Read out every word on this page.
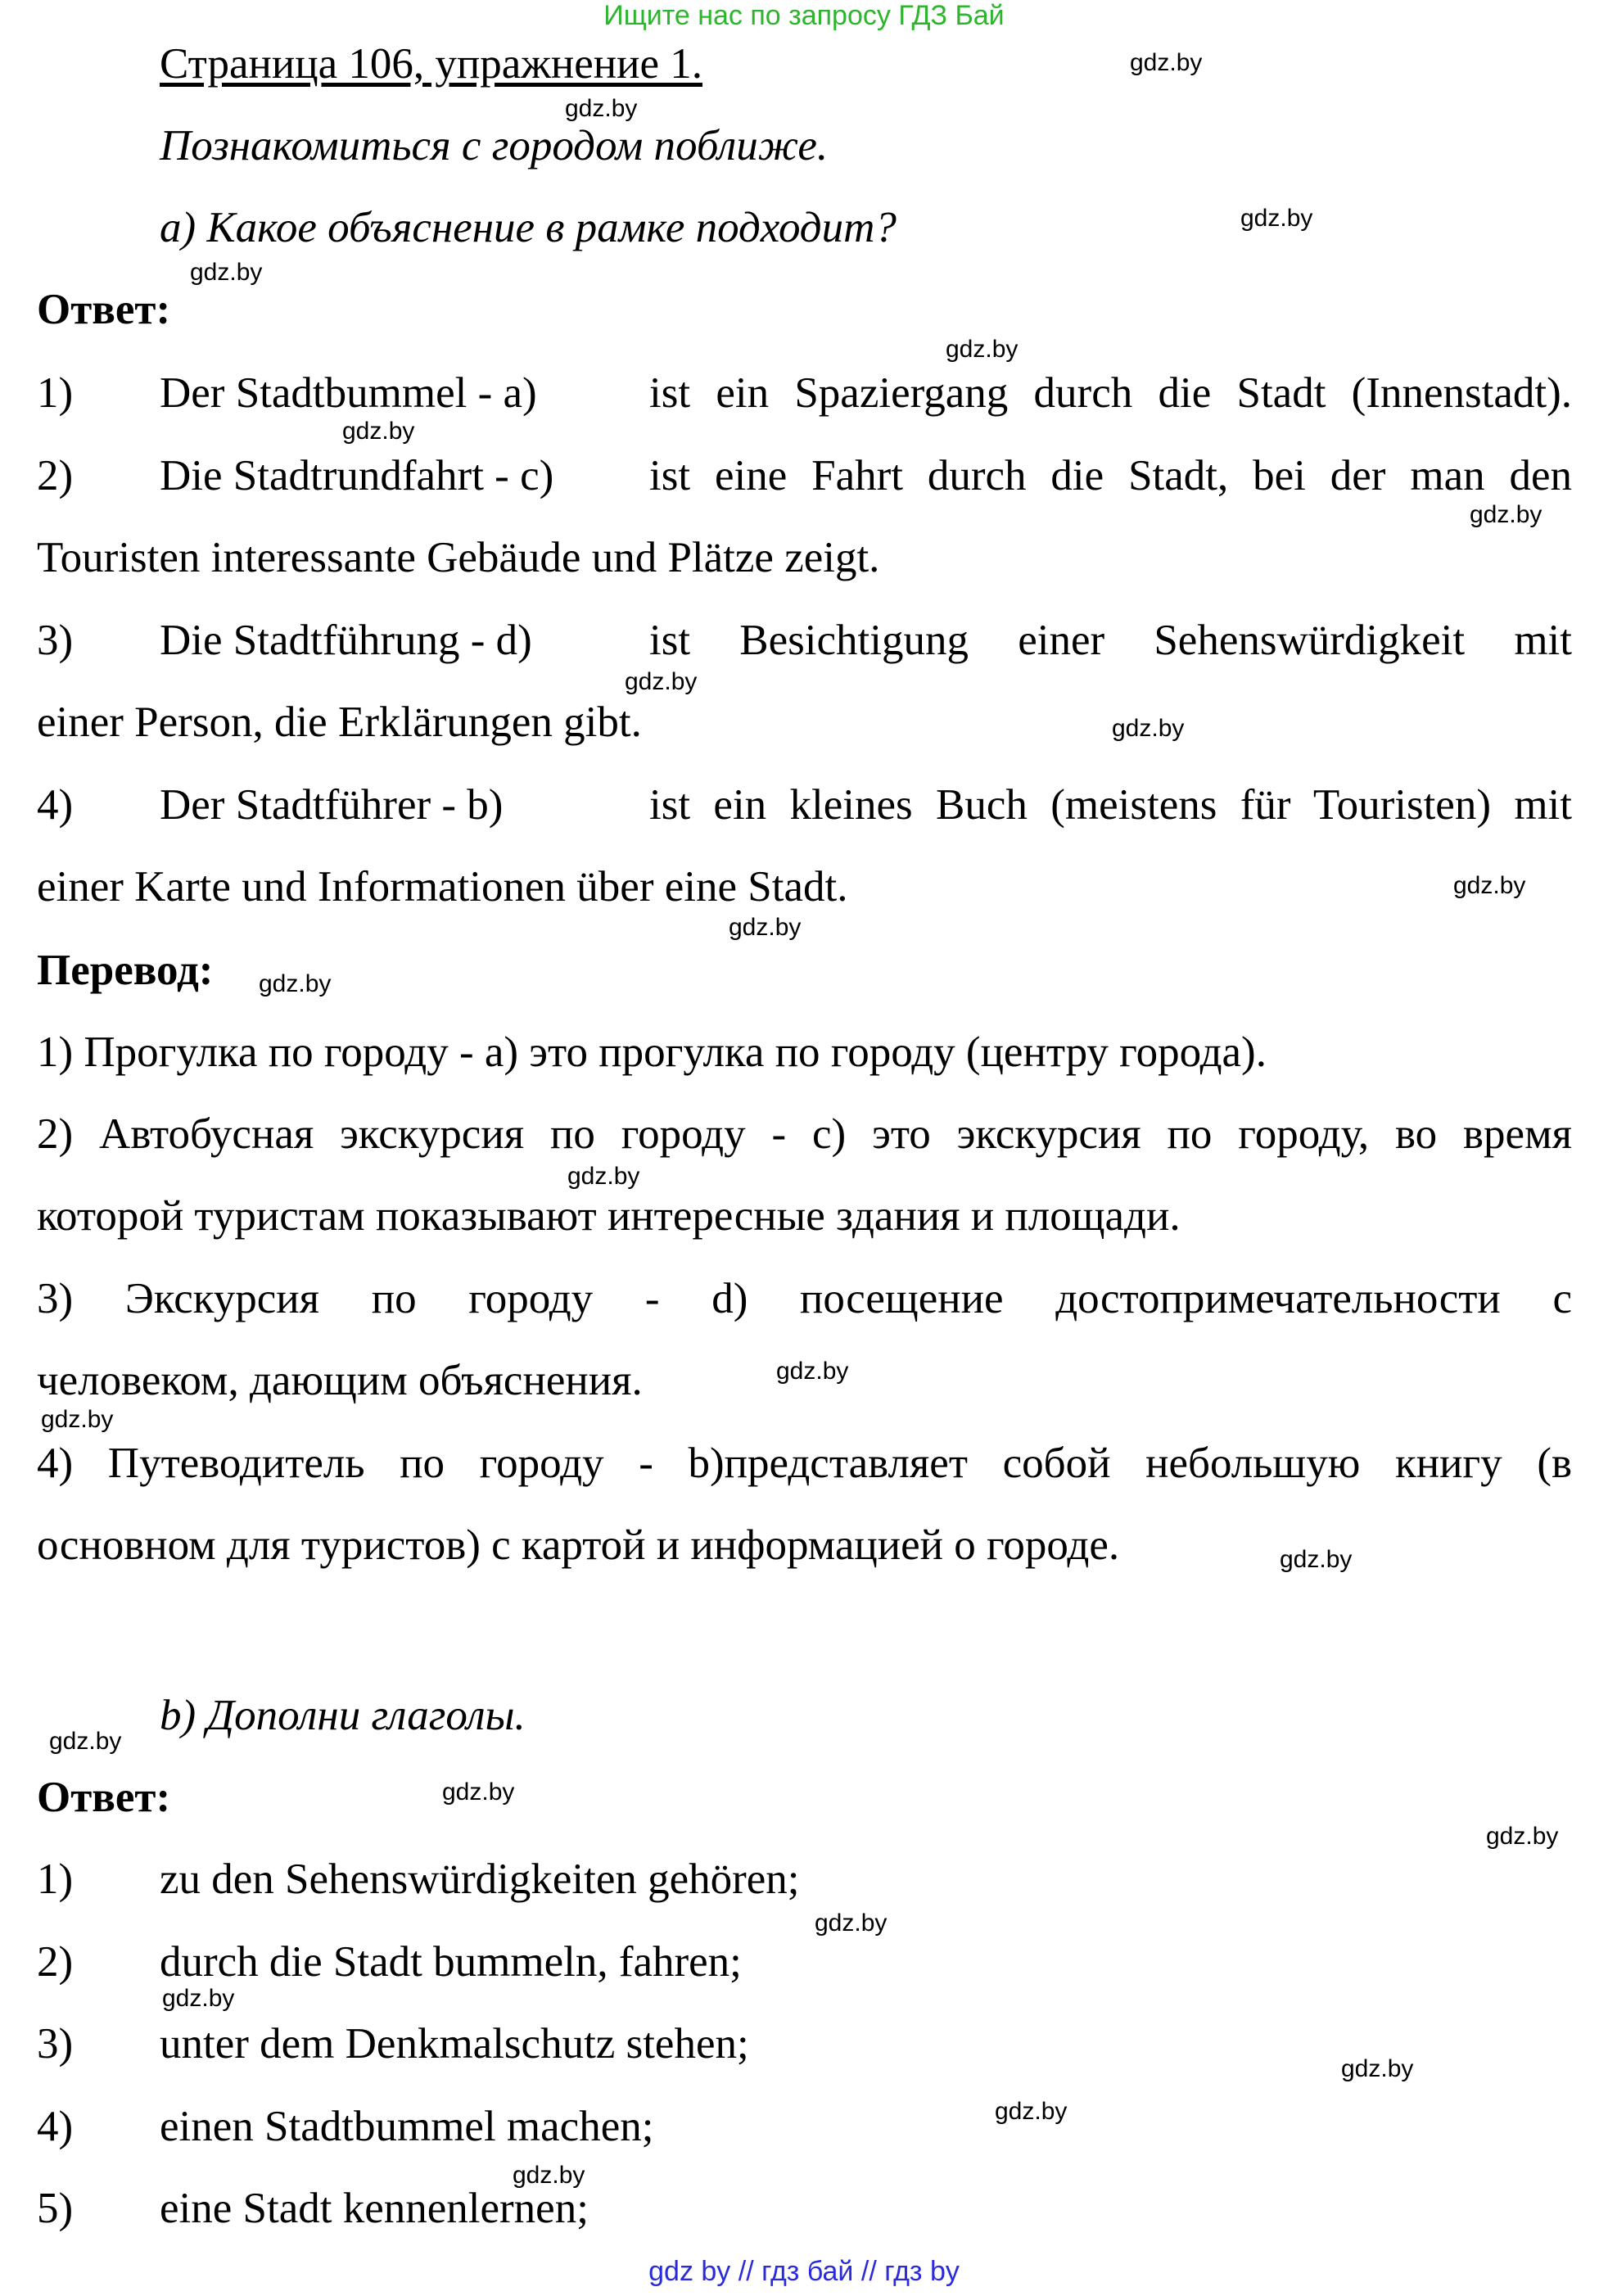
Ищите нас по запросу ГДЗ Бай
Страница 106, упражнение 1.
Познакомиться с городом поближе.
а) Какое объяснение в рамке подходит?
Ответ:
1) Der Stadtbummel - a)	ist ein Spaziergang durch die Stadt (Innenstadt).
2) Die Stadtrundfahrt - c) ist eine Fahrt durch die Stadt, bei der man den
Touristen interessante Gebäude und Plätze zeigt.
3) Die Stadtführung - d)	ist Besichtigung einer Sehenswürdigkeit mit
einer Person, die Erklärungen gibt.
4) Der Stadtführer - b)	ist ein kleines Buch (meistens für Touristen) mit
einer Karte und Informationen über eine Stadt.
Перевод:
1) Прогулка по городу - a) это прогулка по городу (центру города).
2) Автобусная экскурсия по городу - с) это экскурсия по городу, во время
которой туристам показывают интересные здания и площади.
3) Экскурсия по городу - d) посещение достопримечательности с
человеком, дающим объяснения.
4) Путеводитель по городу - b)представляет собой небольшую книгу (в
основном для туристов) с картой и информацией о городе.
b) Дополни глаголы.
Ответ:
1) zu den Sehenswürdigkeiten gehören;
2) durch die Stadt bummeln, fahren;
3) unter dem Denkmalschutz stehen;
4) einen Stadtbummel machen;
5) eine Stadt kennenlernen;
gdz.by
gdz.by
gdz.by
gdz.by
gdz.by
gdz.by
gdz.by
gdz.by
gdz.by
gdz.by
gdz.by
gdz.by
gdz.by
gdz.by
gdz.by
gdz.by
gdz.by
gdz.by
gdz.by
gdz.by
gdz.by
gdz.by
gdz.by
gdz.by
gdz by // гдз бай // гдз by
